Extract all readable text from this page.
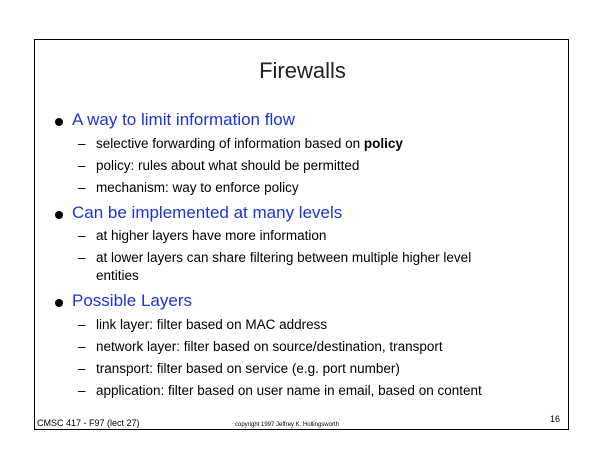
Firewalls
A way to limit information flow
– selective forwarding of information based on policy
– policy: rules about what should be permitted
– mechanism: way to enforce policy
Can be implemented at many levels
– at higher layers have more information
– at lower layers can share filtering between multiple higher level
entities
Possible Layers
– link layer: filter based on MAC address
– network layer: filter based on source/destination, transport
– transport: filter based on service (e.g. port number)
– application: filter based on user name in email, based on content
CMSC 417 - F97 (lect 27)	copyright 1997 Jeffrey K. Hollingsworth
16
